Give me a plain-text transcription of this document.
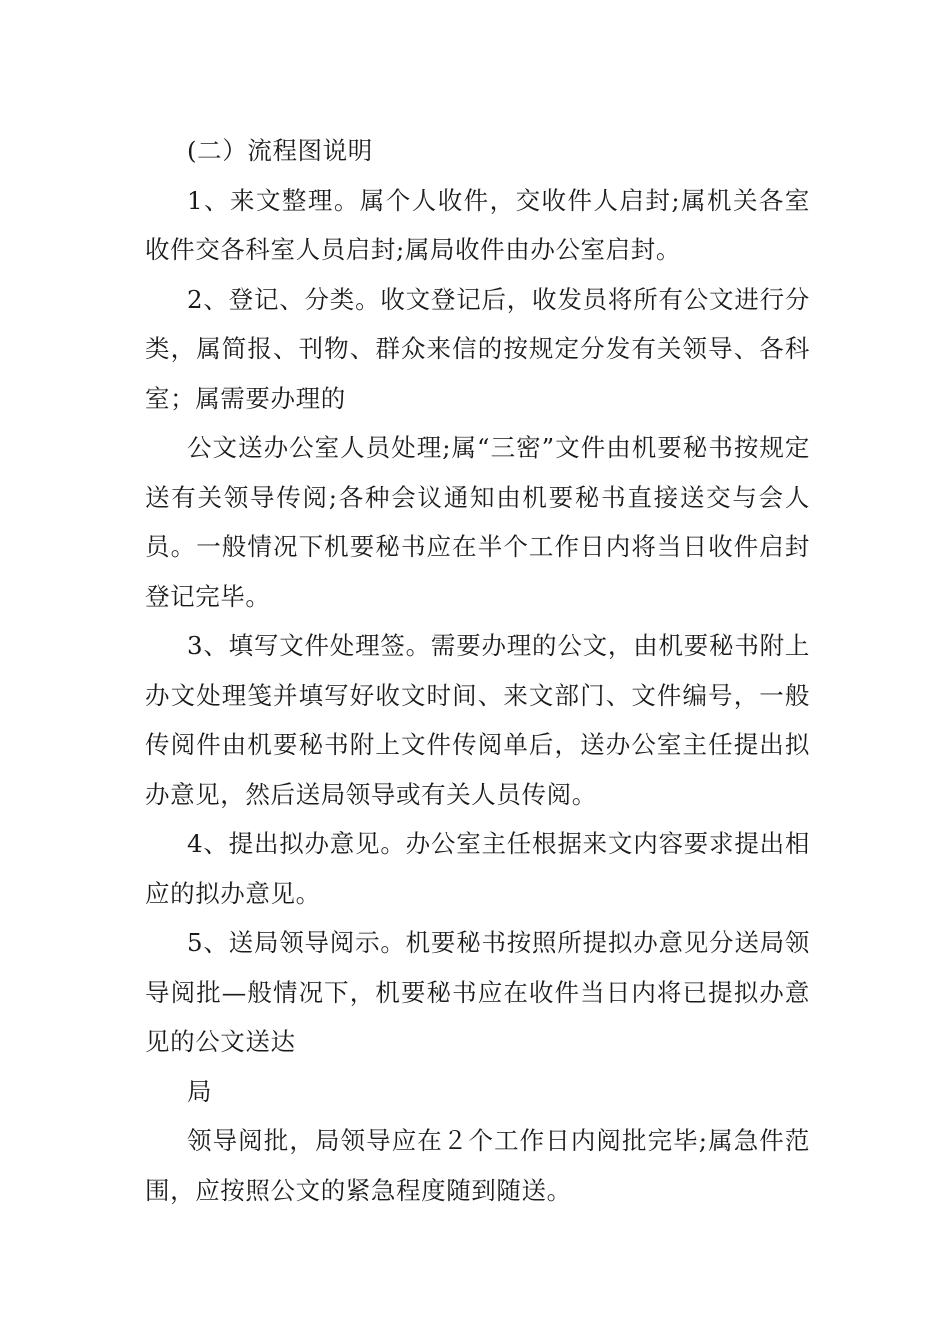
(二）流程图说明

1、来文整理。属个人收件，交收件人启封;属机关各室收件交各科室人员启封;属局收件由办公室启封。

2、登记、分类。收文登记后，收发员将所有公文进行分类，属简报、刊物、群众来信的按规定分发有关领导、各科室；属需要办理的

公文送办公室人员处理;属“三密”文件由机要秘书按规定送有关领导传阅;各种会议通知由机要秘书直接送交与会人员。一般情况下机要秘书应在半个工作日内将当日收件启封登记完毕。

3、填写文件处理签。需要办理的公文，由机要秘书附上办文处理笺并填写好收文时间、来文部门、文件编号，一般传阅件由机要秘书附上文件传阅单后，送办公室主任提出拟办意见，然后送局领导或有关人员传阅。

4、提出拟办意见。办公室主任根据来文内容要求提出相应的拟办意见。

5、送局领导阅示。机要秘书按照所提拟办意见分送局领导阅批—般情况下，机要秘书应在收件当日内将已提拟办意见的公文送达

局

领导阅批，局领导应在２个工作日内阅批完毕;属急件范围，应按照公文的紧急程度随到随送。
